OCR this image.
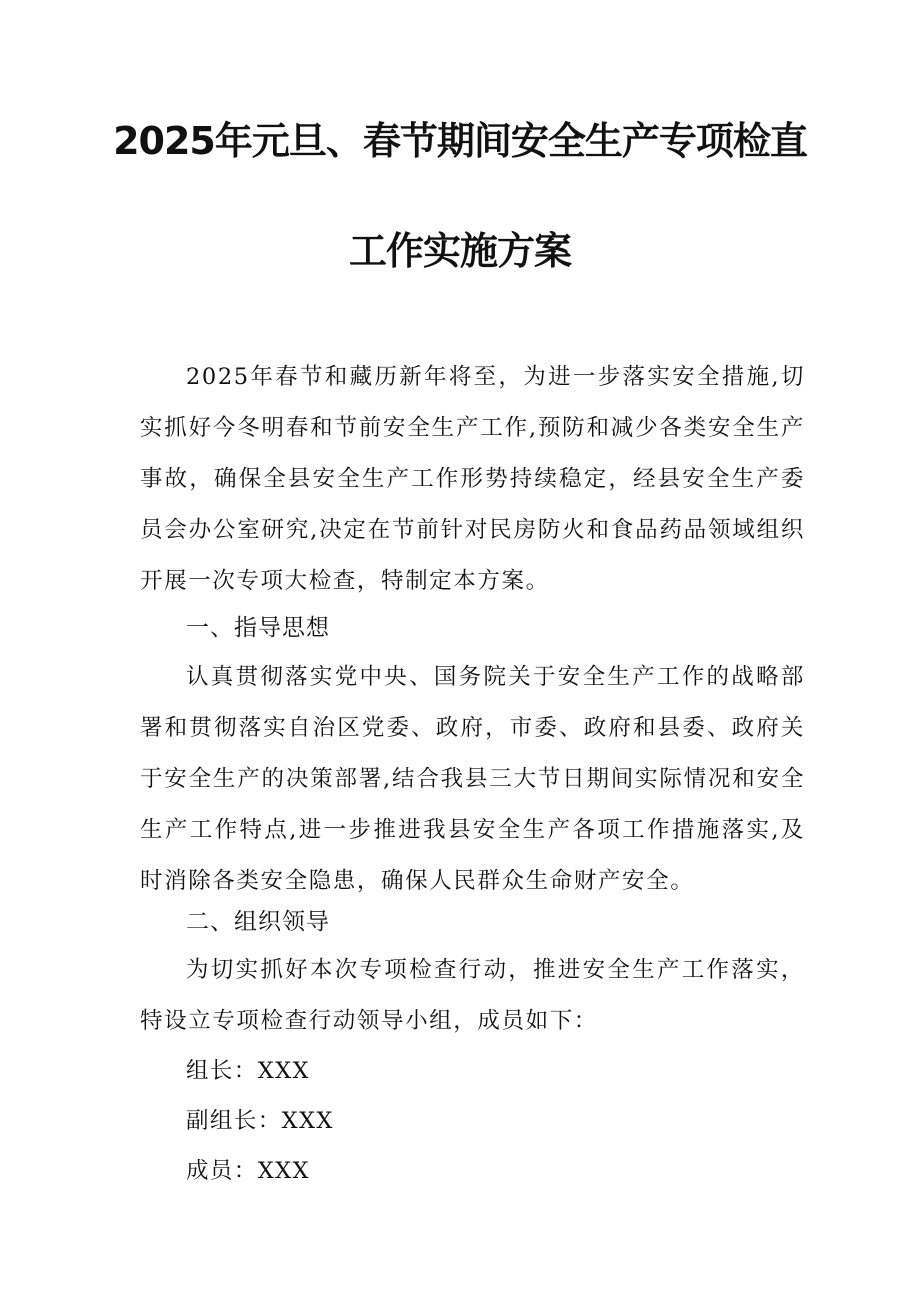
2025年元旦、春节期间安全生产专项检直
工作实施方案

2025年春节和藏历新年将至，为进一步落实安全措施,切实抓好今冬明春和节前安全生产工作,预防和减少各类安全生产事故，确保全县安全生产工作形势持续稳定，经县安全生产委员会办公室研究,决定在节前针对民房防火和食品药品领域组织开展一次专项大检查，特制定本方案。

一、指导思想

认真贯彻落实党中央、国务院关于安全生产工作的战略部署和贯彻落实自治区党委、政府，市委、政府和县委、政府关于安全生产的决策部署,结合我县三大节日期间实际情况和安全生产工作特点,进一步推进我县安全生产各项工作措施落实,及时消除各类安全隐患，确保人民群众生命财产安全。

二、组织领导

为切实抓好本次专项检查行动，推进安全生产工作落实，特设立专项检查行动领导小组，成员如下：

组长：XXX
副组长：XXX
成员：XXX
